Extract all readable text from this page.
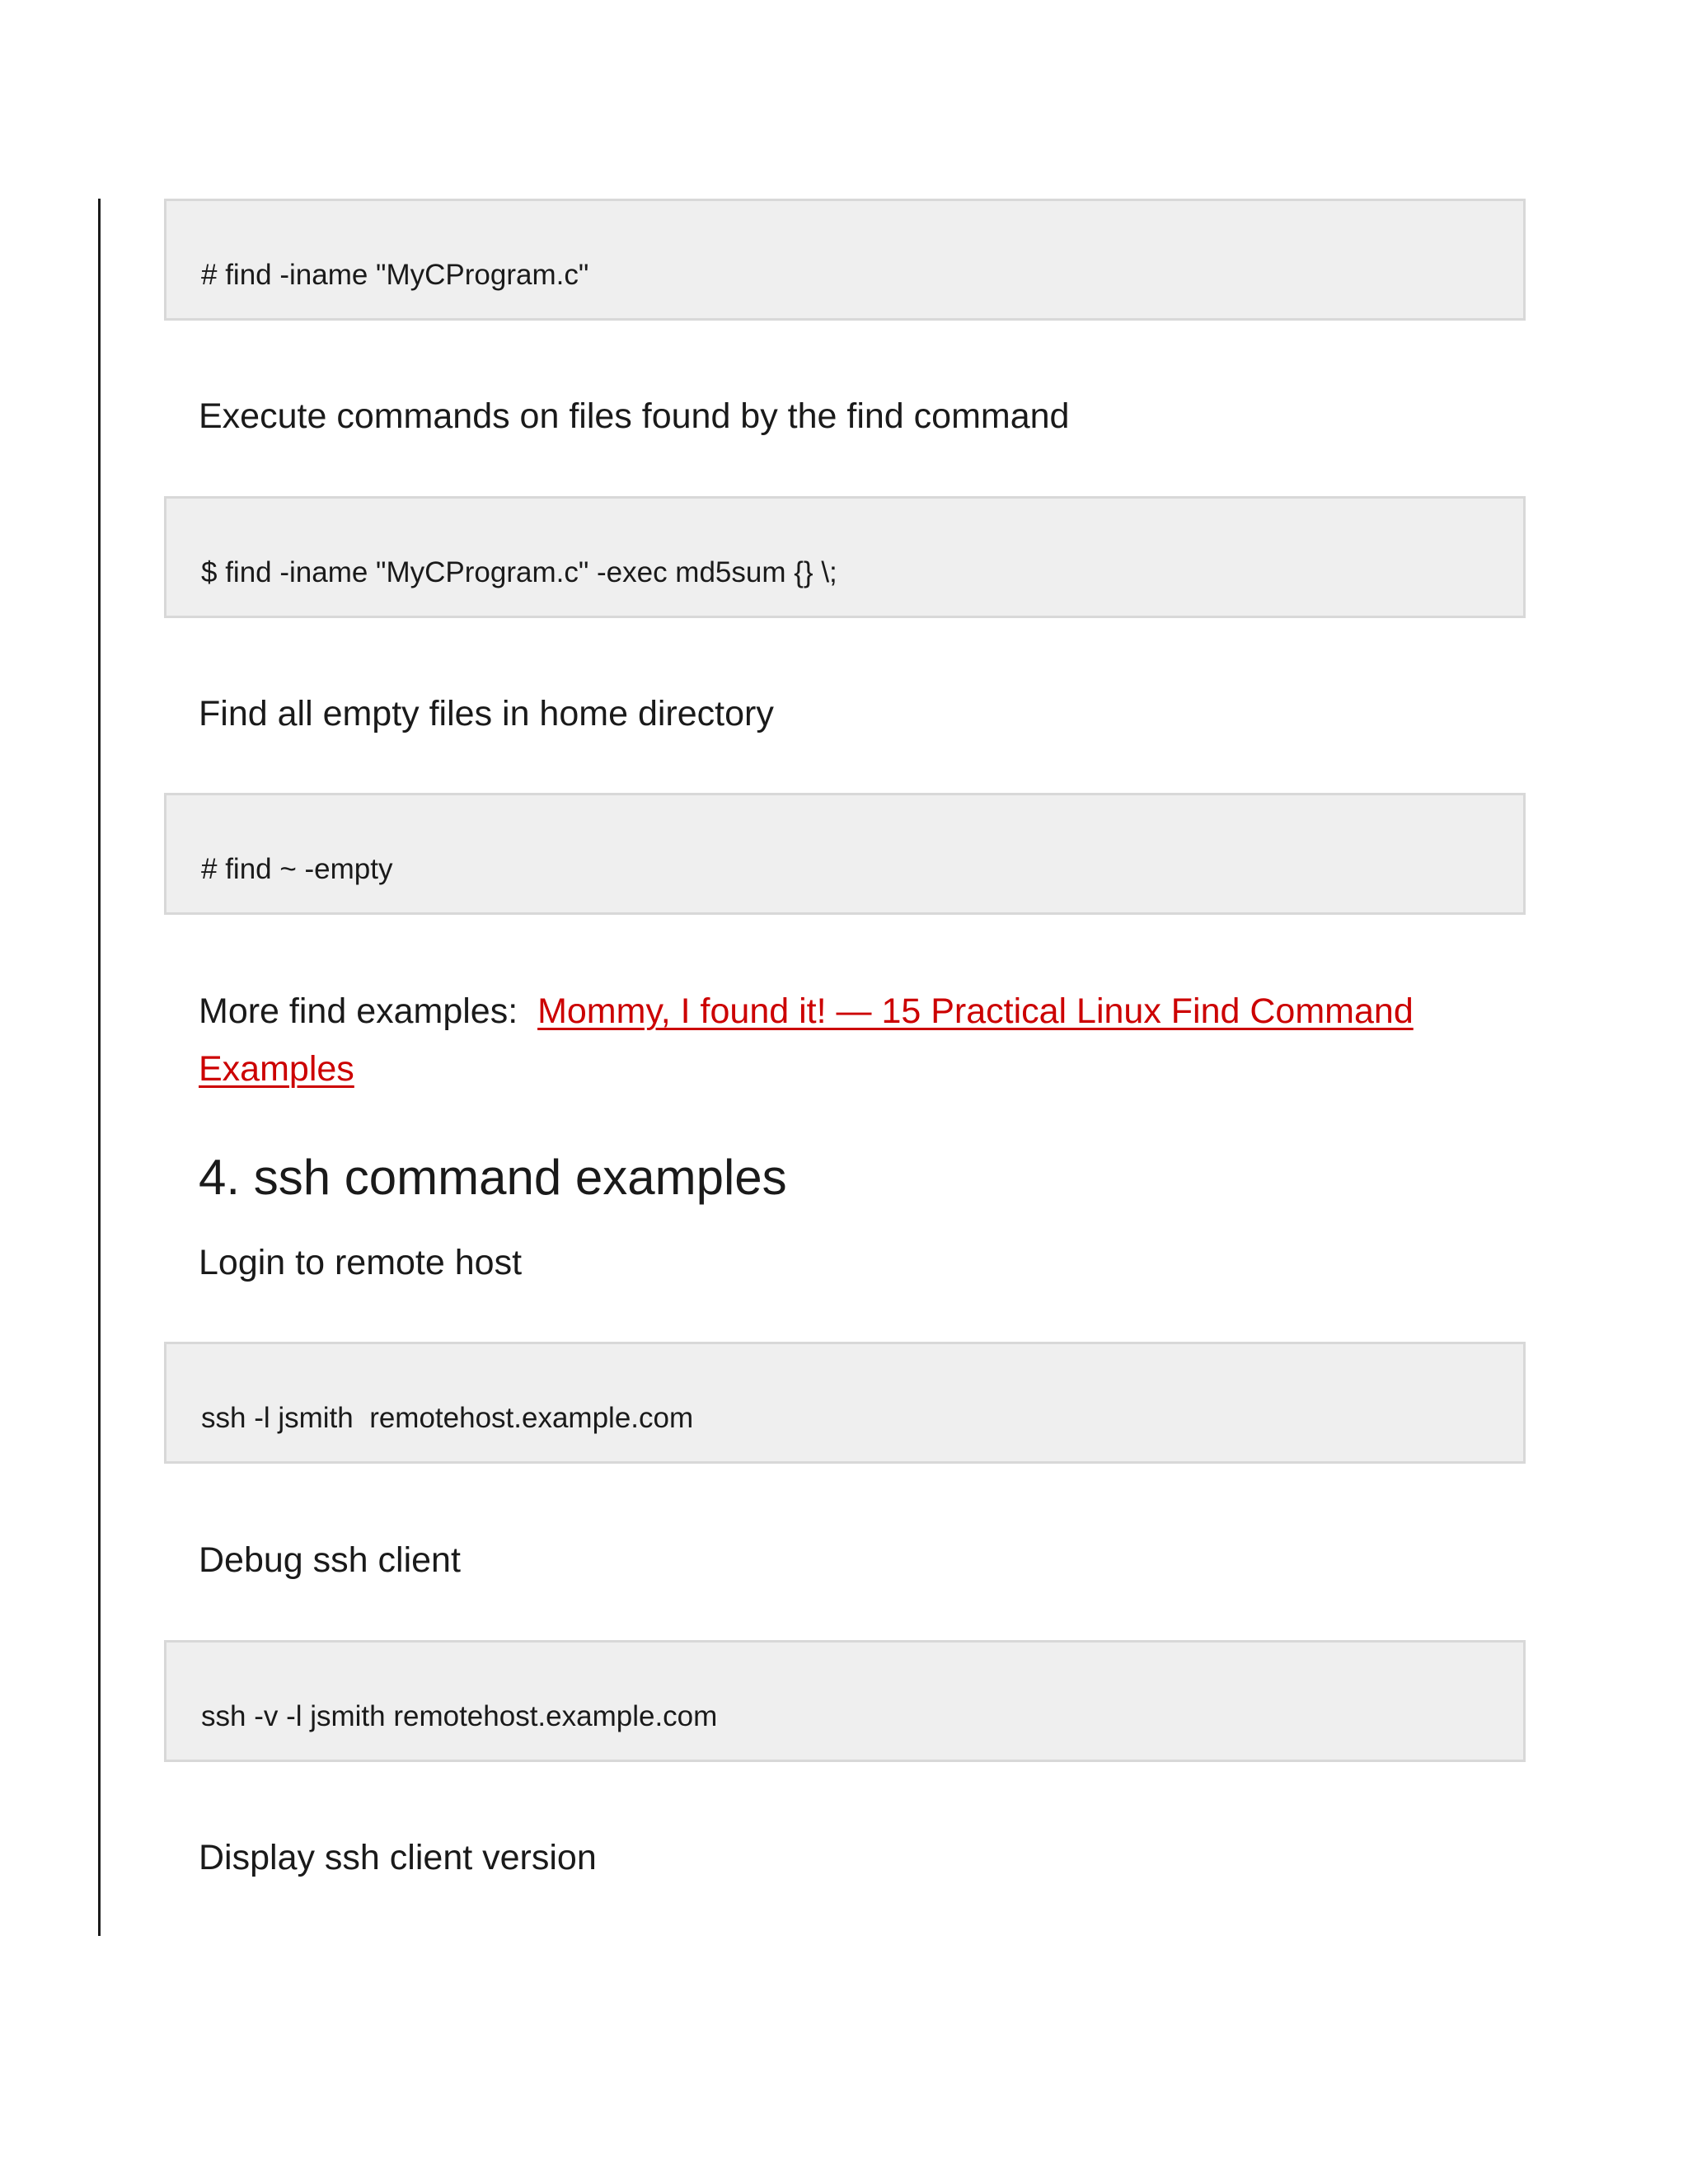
# find -iname "MyCProgram.c"
Execute commands on files found by the find command
$ find -iname "MyCProgram.c" -exec md5sum {} \;
Find all empty files in home directory
# find ~ -empty
More find examples: Mommy, I found it! — 15 Practical Linux Find Command Examples
4. ssh command examples
Login to remote host
ssh -l jsmith  remotehost.example.com
Debug ssh client
ssh -v -l jsmith remotehost.example.com
Display ssh client version
